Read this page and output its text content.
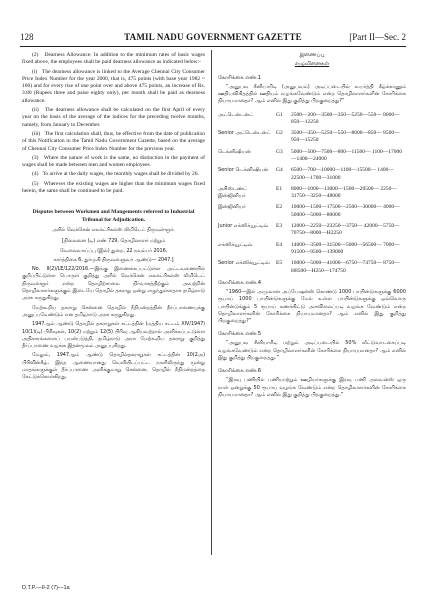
128	TAMIL NADU GOVERNMENT GAZETTE	[Part II—Sec. 2

(2)   Dearness Allowance: In addition to the minimum rates of basic wages fixed above, the employees shall be paid dearness allowance as indicated below:-

(i)   The dearness allowance is linked to the Average Chennai City Consumer Price Index Number for the year 2000, that is, 475 points (with base year 1982 = 100) and for every rise of one point over and above 475 points, an increase of Rs. 3.80 (Rupees three and paise eighty only), per month shall be paid as dearness allowance.

(ii)   The dearness allowance shall be calculated on the first April of every year on the basis of the average of the indices for the preceding twelve months, namely, from January to December.

(iii)   The first calculation shall, thus, be effective from the date of publication of this Notification in the Tamil Nadu Government Gazette, based on the average of Chennai City Consumer Price Index Number for the previous year.

(3)   Where the nature of work is the same, no distinction in the payment of wages shall be made between men and women employees.

(4)   To arrive at the daily wages, the monthly wages shall be divided by 26.

(5)   Wherever the existing wages are higher than the minimum wages fixed herein, the same shall be continued to be paid.

Disputes between Workmen and Mangements referred to Industrial Tribunal for Adjudication.
அரில் வெக்கென் எலக்ட்ரிகல்ஸ் லிமிடெட் திருவள்ளூர்.

[நிலைனை (டி) எண் 729, தொழிலாளர் மற்றும்

வேலைவாய்ப்பு (இல்) துறை, 22 நவம்பர் 2016,

கார்த்திகை 6, துர்முகி திருவள்ளுவர் ஆண்டு— 2047.]

No. II(2)/LE/122/2016.—இங்கு இணைக்கப்பட்டுள்ள அட்டவணையில் குறிப்பிட்டுள்ள பொருள் குறித்து அரில் வெக்கென் எலக்ட்ரிகல்ஸ் லிமிடெட் திருவள்ளூர் என்ற தொழிற்சாலை நிர்வாகத்திற்கும் அவற்றின் தொழிலாளர்களுக்கும் இடையே தொழில் தகராறு ஒன்று எழுந்துள்ளதாக தமிழ்நாடு அரசு கருதுகிறது.

மேற்கூறிய தகராறு சென்னை தொழில் நீதிமன்றத்தின் தீர்ப்பாணையுக்கு அனுப்பவேண்டும் என தமிழ்நாடு அரசு கருதுகிறது.

1947ஆம் ஆண்டு தொழில் தகராறுகள் சட்டத்தின் (மத்திய சட்டம் XIV/1947) 10(1)(டி) பிரிவுகள், 10(2) மற்றும் 12(5) பிரிவு ஆகியவற்றால் அளிக்கப்பட்டுள்ள அதிகாரங்களைப் பயன்படுத்தி, தமிழ்நாடு அரசு மேற்கூறிய தகராறு குறித்து தீர்ப்பாணை வழங்க இதன்மூலம் அனுப்புகிறது.

மேலும், 1947ஆம் ஆண்டு தொழில்தகராறுகள் சட்டத்தின் 10(2அ) பிரிவின்கீழ், இந்த ஆணையானது வெளியிடப்பட்ட நாளிலிருந்து மூன்று மாதங்களுக்குள் தீர்ப்பாணை அளிக்குமாறு சென்னை, தொழில் நீதிமன்றத்தை கேட்டுக்கொள்கிறது.

இணைப்பு
எழுவினைகள்
கோரிக்கை எண்.1
“அனுபவ சீனியாரிடி (அனுபவம்) அடிப்படையில் உயர்த்தி கீழ்க்காணும் ஊதியவிகிதத்தில் ஊதியம் வழங்கவேண்டும் என்ற தொழிலாளர்களின் கோரிக்கை நியாயமானதா? ஆம் எனில் இது குறித்து பிறகுறைத்து?”
அட்டென்டன்ட்	G1	2500—200—3500—350—5250—550— 8000—850—12250
Senior அட்டென்டன்ட் G2	3500—350—5250—550—8000—850— 8500—950—15250
டெக்னிஷியன்	G3	5000—500—7500—800—11500— 1100—17000—1400—24000
Senior டெக்னிஷியன்	G4	6500—700—10000—1100—15500— 1400—22500—1700—31000
அசிஸ்டண்ட் இன்ஜினியர்
E1	8000—1000—13000—1500—20500— 2250—31750—3250—48000
இன்ஜினியர்	E2	10000—1500—17500—2500—30000— 4000—50000—5000—80000
Junior எக்ஸிக்யூட்டிவ்	E3	12000—2250—23250—3750— 42000—5750—70750—8000—H2250
எக்ஸிக்யூட்டிவ்	E4	14000—3500—31500—5000—56500— 7000—91500—9500—139000
Senior எக்ஸிக்யூட்டிவ்	E5	16000—5000—41000—6750—74750— 8750—H8500—H250—174750
கோரிக்கை எண்.4
“1960—இல் அமுலான அப்பேஷன்ஸ் கொண்டு 1000 பாயின்டுகளுக்கு 6000 ரூபாய் 1000 பாயின்டுகளுக்கு மேல் உள்ள பாயின்டுகளுக்கு ஒவ்வொரு பாயின்டுக்கும் 5 ரூபாய் கணக்கிட்டு அகவிலைப்படி வழங்க வேண்டும் என்ற தொழிலாளர்களின் கோரிக்கை நியாயமானதா? ஆம் எனில் இது குறித்து பிறகுறைத்து?”
கோரிக்கை எண்.5
“அனுபவ சீனியாரிடி மற்றும் அடிப்படையில் 50% வீட்டுவாடகைப்படி வழங்கவேண்டும் என்ற தொழிலாளர்களின் கோரிக்கை நியாயமானதா? ஆம் எனில் இது குறித்து பிறகுறைத்து.”
கோரிக்கை எண்.6
“இரவு பணியில் பணியாற்றும் ஊழியர்களுக்கு இரவு பணி அலவன்ஸ் ஒரு நாள் ஒன்றுக்கு 50 ரூபாய் வழங்க வேண்டும் என்ற தொழிலாளர்களின் கோரிக்கை நியாயமானதா? ஆம் எனில் இது குறித்து பிறகுறைத்து.”
D.T.P.—II-2 (7)—1a
